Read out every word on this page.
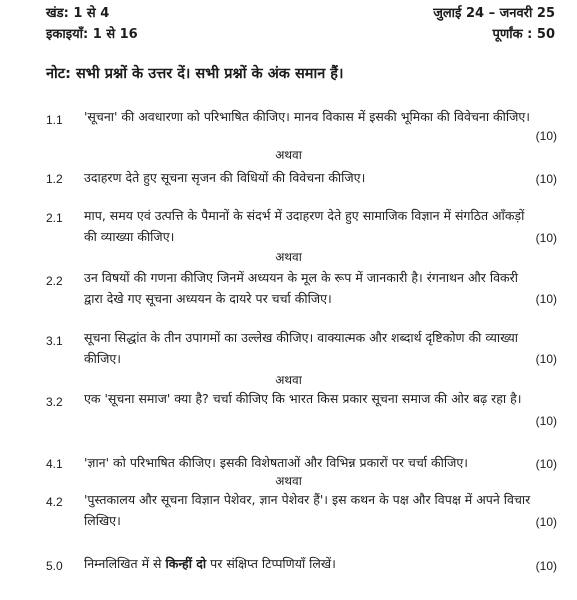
खंड: 1 से 4
इकाइयाँ: 1 से 16
जुलाई 24 – जनवरी 25
पूर्णांक : 50
नोट: सभी प्रश्नों के उत्तर दें। सभी प्रश्नों के अंक समान हैं।
1.1 'सूचना' की अवधारणा को परिभाषित कीजिए। मानव विकास में इसकी भूमिका की विवेचना कीजिए।
(10)
अथवा
1.2 उदाहरण देते हुए सूचना सृजन की विधियों की विवेचना कीजिए।	(10)
2.1 माप, समय एवं उत्पत्ति के पैमानों के संदर्भ में उदाहरण देते हुए सामाजिक विज्ञान में संगठित आँकड़ों की व्याख्या कीजिए।	(10)
अथवा
2.2 उन विषयों की गणना कीजिए जिनमें अध्ययन के मूल के रूप में जानकारी है। रंगनाथन और विकरी द्वारा देखे गए सूचना अध्ययन के दायरे पर चर्चा कीजिए।	(10)
3.1 सूचना सिद्धांत के तीन उपागमों का उल्लेख कीजिए। वाक्यात्मक और शब्दार्थ दृष्टिकोण की व्याख्या कीजिए।	(10)
अथवा
3.2 एक 'सूचना समाज' क्या है? चर्चा कीजिए कि भारत किस प्रकार सूचना समाज की ओर बढ़ रहा है।
(10)
4.1 'ज्ञान' को परिभाषित कीजिए। इसकी विशेषताओं और विभिन्न प्रकारों पर चर्चा कीजिए।	(10)
अथवा
4.2 'पुस्तकालय और सूचना विज्ञान पेशेवर, ज्ञान पेशेवर हैं'। इस कथन के पक्ष और विपक्ष में अपने विचार लिखिए।	(10)
5.0 निम्नलिखित में से किन्हीं दो पर संक्षिप्त टिप्पणियाँ लिखें।	(10)
